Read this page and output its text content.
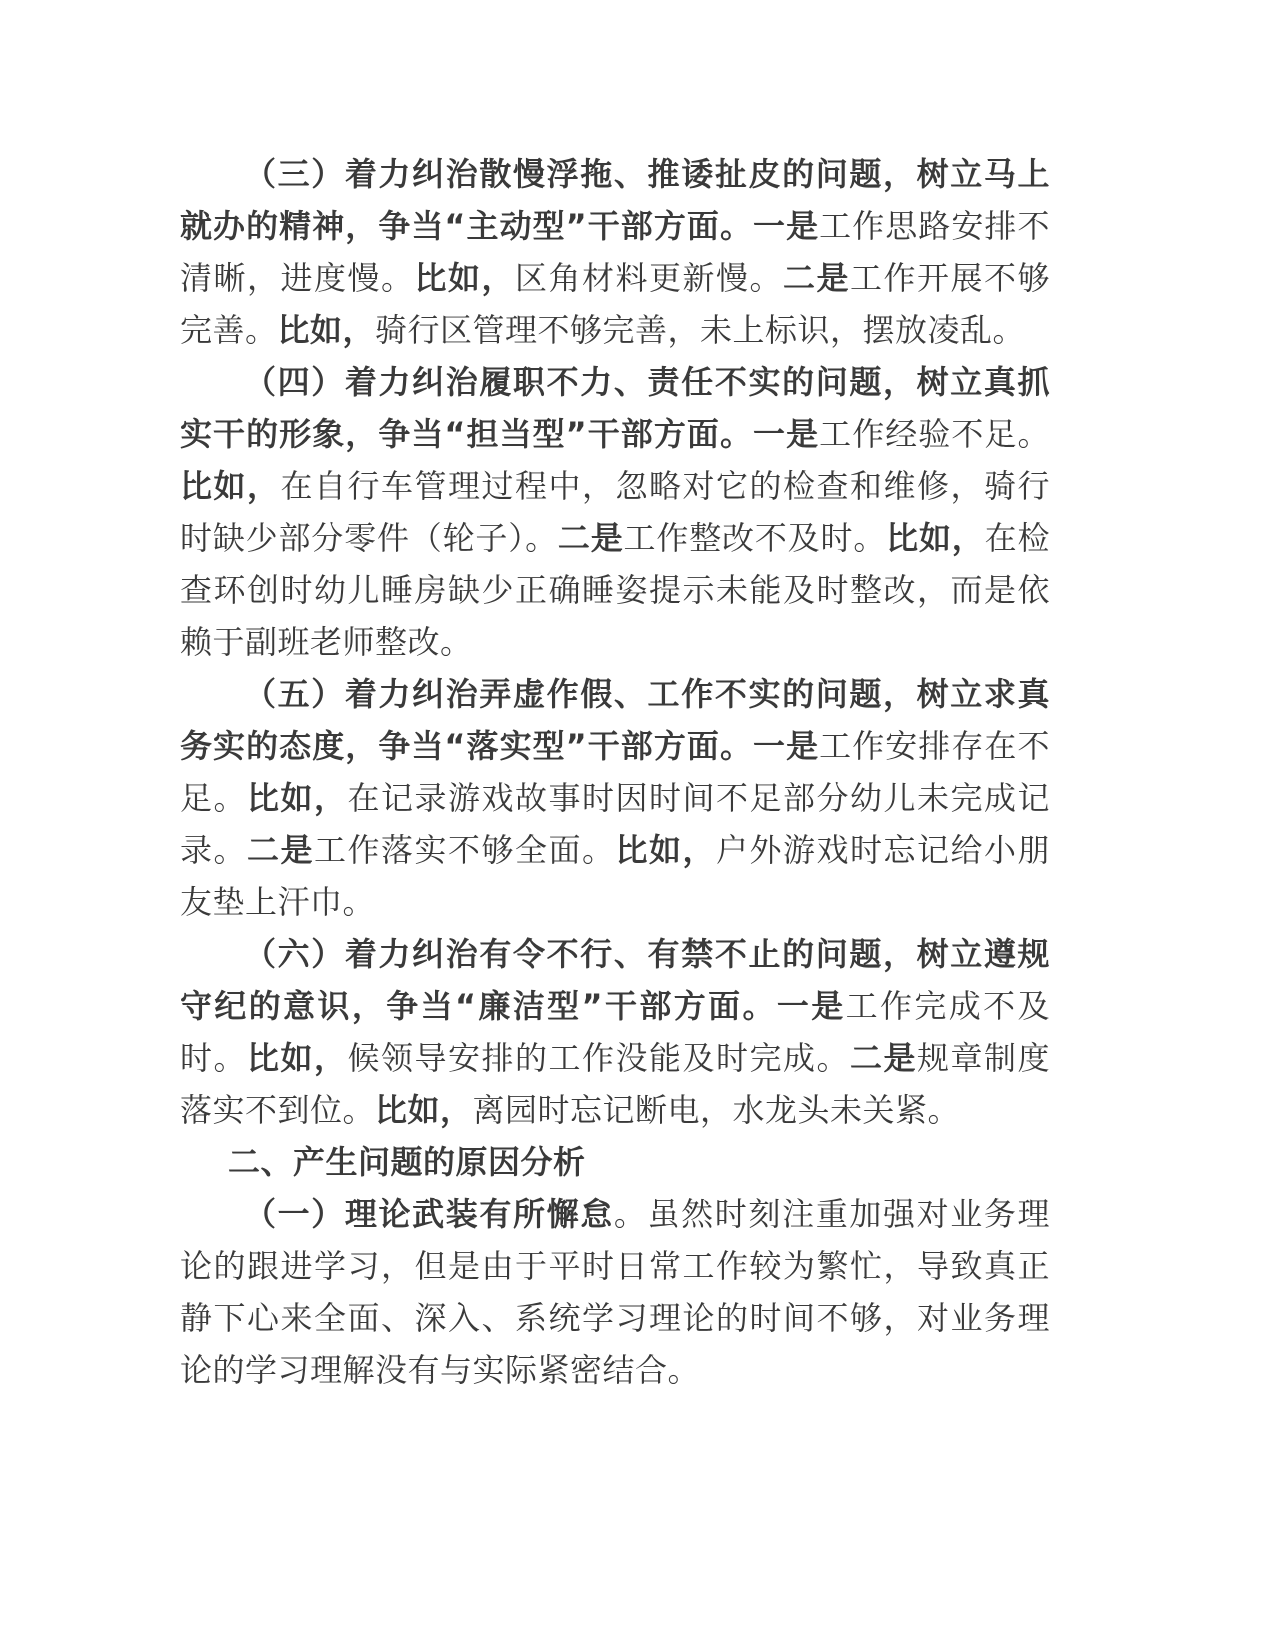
（三）着力纠治散慢浮拖、推诿扯皮的问题，树立马上就办的精神，争当“主动型”干部方面。一是工作思路安排不清晰，进度慢。比如，区角材料更新慢。二是工作开展不够完善。比如，骑行区管理不够完善，未上标识，摆放凌乱。

（四）着力纠治履职不力、责任不实的问题，树立真抓实干的形象，争当“担当型”干部方面。一是工作经验不足。比如，在自行车管理过程中，忽略对它的检查和维修，骑行时缺少部分零件（轮子）。二是工作整改不及时。比如，在检查环创时幼儿睡房缺少正确睡姿提示未能及时整改，而是依赖于副班老师整改。

（五）着力纠治弄虚作假、工作不实的问题，树立求真务实的态度，争当“落实型”干部方面。一是工作安排存在不足。比如，在记录游戏故事时因时间不足部分幼儿未完成记录。二是工作落实不够全面。比如，户外游戏时忘记给小朋友垫上汗巾。

（六）着力纠治有令不行、有禁不止的问题，树立遵规守纪的意识，争当“廉洁型”干部方面。一是工作完成不及时。比如，候领导安排的工作没能及时完成。二是规章制度落实不到位。比如，离园时忘记断电，水龙头未关紧。

二、产生问题的原因分析

（一）理论武装有所懈怠。虽然时刻注重加强对业务理论的跟进学习，但是由于平时日常工作较为繁忙，导致真正静下心来全面、深入、系统学习理论的时间不够，对业务理论的学习理解没有与实际紧密结合。
